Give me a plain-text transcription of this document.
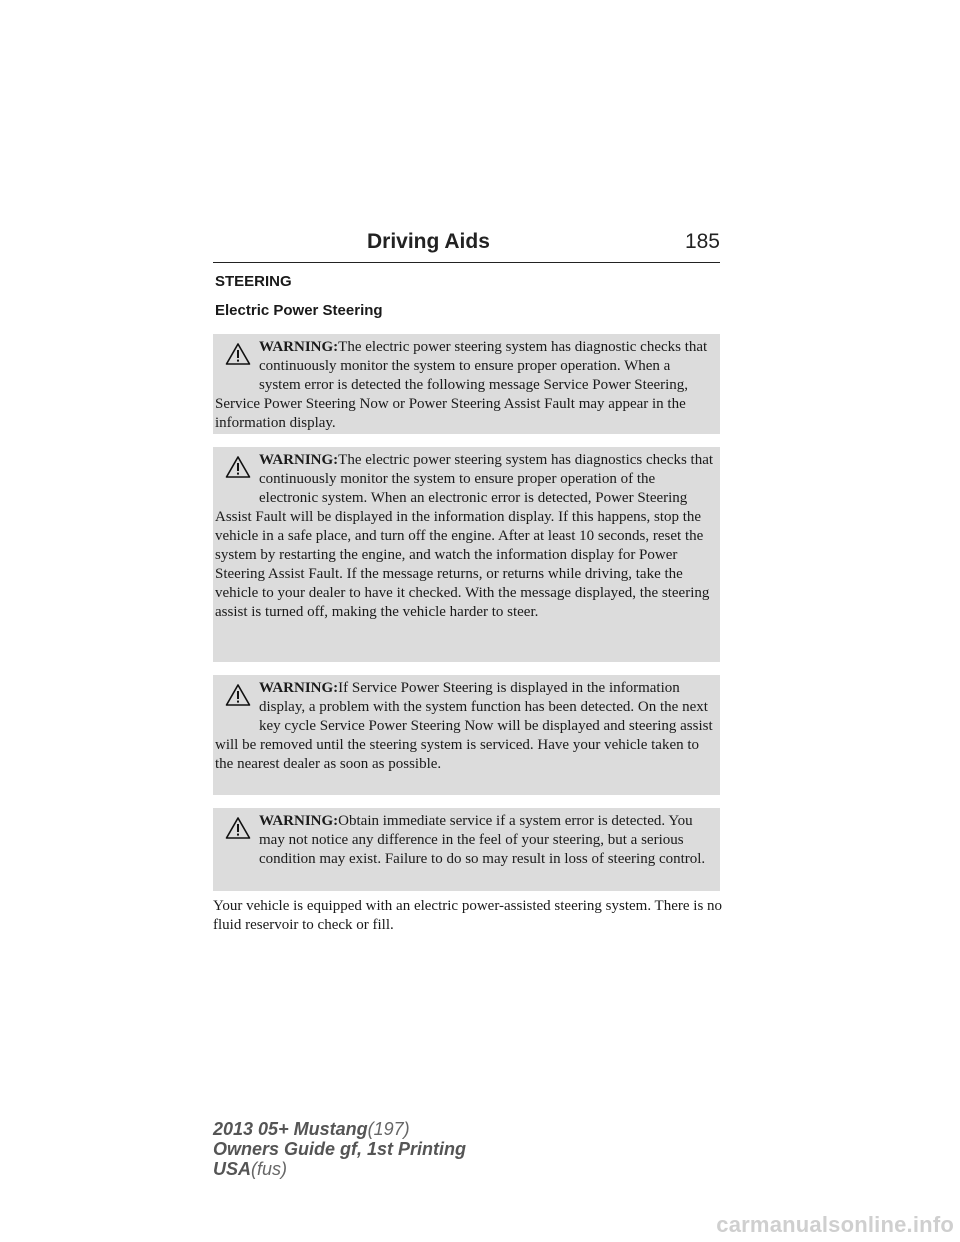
Driving Aids	185
STEERING
Electric Power Steering
WARNING:The electric power steering system has diagnostic checks that continuously monitor the system to ensure proper operation. When a system error is detected the following message Service Power Steering, Service Power Steering Now or Power Steering Assist Fault may appear in the information display.
WARNING:The electric power steering system has diagnostics checks that continuously monitor the system to ensure proper operation of the electronic system. When an electronic error is detected, Power Steering Assist Fault will be displayed in the information display. If this happens, stop the vehicle in a safe place, and turn off the engine. After at least 10 seconds, reset the system by restarting the engine, and watch the information display for Power Steering Assist Fault. If the message returns, or returns while driving, take the vehicle to your dealer to have it checked. With the message displayed, the steering assist is turned off, making the vehicle harder to steer.
WARNING:If Service Power Steering is displayed in the information display, a problem with the system function has been detected. On the next key cycle Service Power Steering Now will be displayed and steering assist will be removed until the steering system is serviced. Have your vehicle taken to the nearest dealer as soon as possible.
WARNING:Obtain immediate service if a system error is detected. You may not notice any difference in the feel of your steering, but a serious condition may exist. Failure to do so may result in loss of steering control.
Your vehicle is equipped with an electric power-assisted steering system. There is no fluid reservoir to check or fill.
2013 05+ Mustang(197)
Owners Guide gf, 1st Printing
USA(fus)
carmanualsonline.info
